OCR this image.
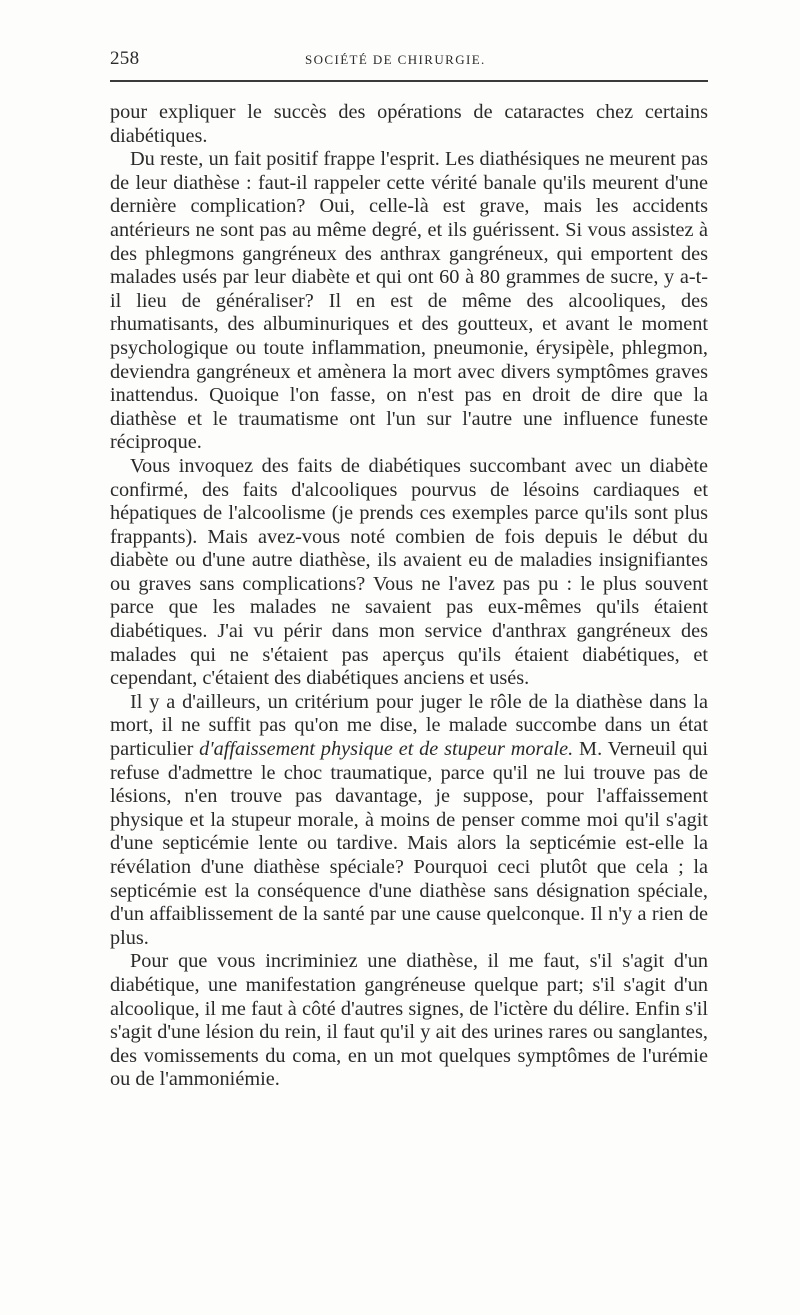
258	SOCIÉTÉ DE CHIRURGIE.

pour expliquer le succès des opérations de cataractes chez certains diabétiques.

Du reste, un fait positif frappe l'esprit. Les diathésiques ne meurent pas de leur diathèse : faut-il rappeler cette vérité banale qu'ils meurent d'une dernière complication? Oui, celle-là est grave, mais les accidents antérieurs ne sont pas au même degré, et ils guérissent. Si vous assistez à des phlegmons gangréneux des anthrax gangréneux, qui emportent des malades usés par leur diabète et qui ont 60 à 80 grammes de sucre, y a-t-il lieu de généraliser? Il en est de même des alcooliques, des rhumatisants, des albuminuriques et des goutteux, et avant le moment psychologique ou toute inflammation, pneumonie, érysipèle, phlegmon, deviendra gangréneux et amènera la mort avec divers symptômes graves inattendus. Quoique l'on fasse, on n'est pas en droit de dire que la diathèse et le traumatisme ont l'un sur l'autre une influence funeste réciproque.

Vous invoquez des faits de diabétiques succombant avec un diabète confirmé, des faits d'alcooliques pourvus de lésoins cardiaques et hépatiques de l'alcoolisme (je prends ces exemples parce qu'ils sont plus frappants). Mais avez-vous noté combien de fois depuis le début du diabète ou d'une autre diathèse, ils avaient eu de maladies insignifiantes ou graves sans complications? Vous ne l'avez pas pu : le plus souvent parce que les malades ne savaient pas eux-mêmes qu'ils étaient diabétiques. J'ai vu périr dans mon service d'anthrax gangréneux des malades qui ne s'étaient pas aperçus qu'ils étaient diabétiques, et cependant, c'étaient des diabétiques anciens et usés.

Il y a d'ailleurs, un critérium pour juger le rôle de la diathèse dans la mort, il ne suffit pas qu'on me dise, le malade succombe dans un état particulier d'affaissement physique et de stupeur morale. M. Verneuil qui refuse d'admettre le choc traumatique, parce qu'il ne lui trouve pas de lésions, n'en trouve pas davantage, je suppose, pour l'affaissement physique et la stupeur morale, à moins de penser comme moi qu'il s'agit d'une septicémie lente ou tardive. Mais alors la septicémie est-elle la révélation d'une diathèse spéciale? Pourquoi ceci plutôt que cela ; la septicémie est la conséquence d'une diathèse sans désignation spéciale, d'un affaiblissement de la santé par une cause quelconque. Il n'y a rien de plus.

Pour que vous incriminiez une diathèse, il me faut, s'il s'agit d'un diabétique, une manifestation gangréneuse quelque part; s'il s'agit d'un alcoolique, il me faut à côté d'autres signes, de l'ictère du délire. Enfin s'il s'agit d'une lésion du rein, il faut qu'il y ait des urines rares ou sanglantes, des vomissements du coma, en un mot quelques symptômes de l'urémie ou de l'ammoniémie.
